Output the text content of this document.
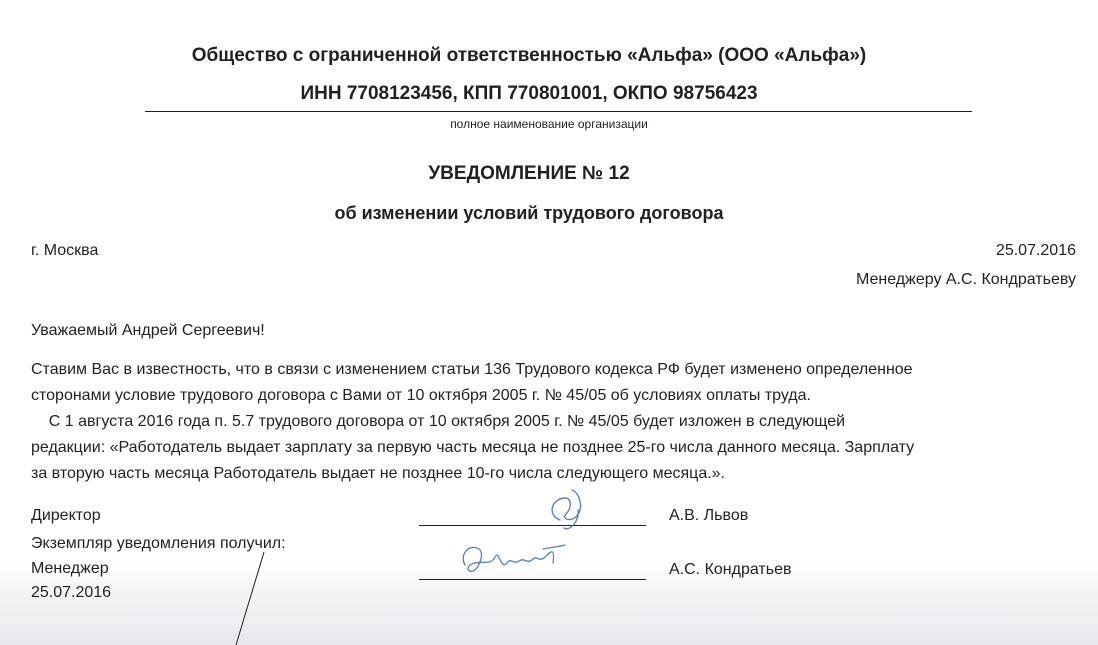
Общество с ограниченной ответственностью «Альфа» (ООО «Альфа»)
ИНН 7708123456, КПП 770801001, ОКПО 98756423
полное наименование организации
УВЕДОМЛЕНИЕ № 12
об изменении условий трудового договора
г. Москва	25.07.2016
Менеджеру А.С. Кондратьеву
Уважаемый Андрей Сергеевич!
Ставим Вас в известность, что в связи с изменением статьи 136 Трудового кодекса РФ будет изменено определенное
сторонами условие трудового договора с Вами от 10 октября 2005 г. № 45/05 об условиях оплаты труда.
С 1 августа 2016 года п. 5.7 трудового договора от 10 октября 2005 г. № 45/05 будет изложен в следующей
редакции: «Работодатель выдает зарплату за первую часть месяца не позднее 25-го числа данного месяца. Зарплату
за вторую часть месяца Работодатель выдает не позднее 10-го числа следующего месяца.».
Директор
Экземпляр уведомления получил:
Менеджер
25.07.2016
А.В. Львов
А.С. Кондратьев
